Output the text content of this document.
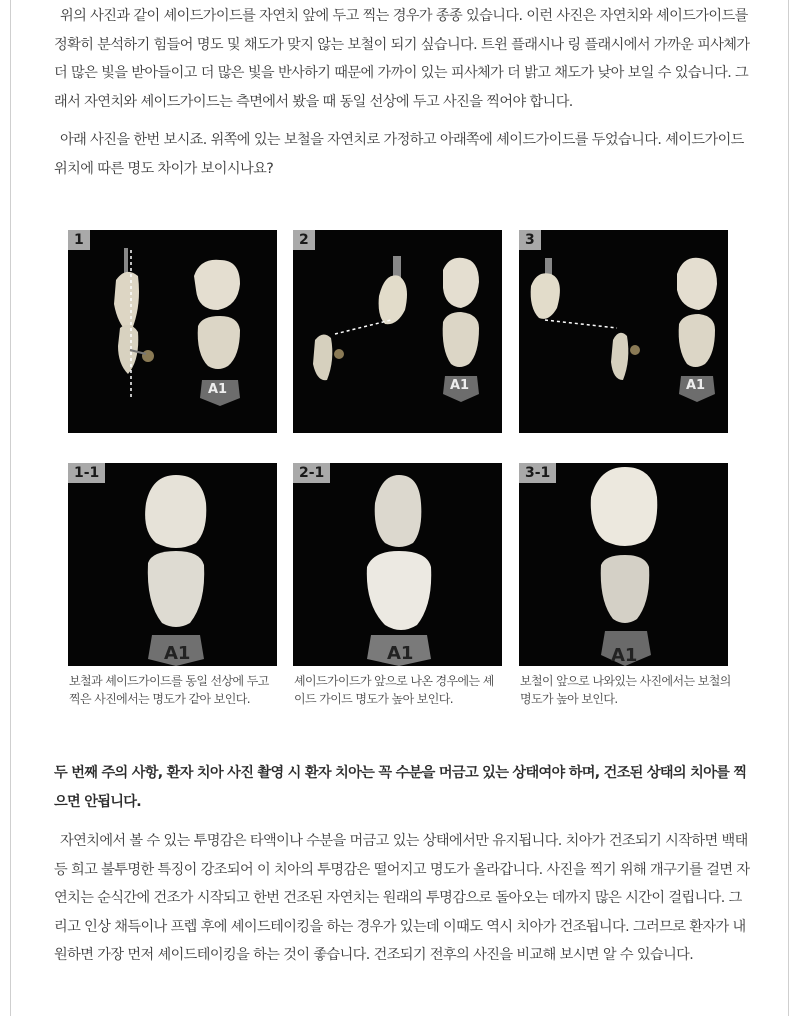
위의 사진과 같이 셰이드가이드를 자연치 앞에 두고 찍는 경우가 종종 있습니다. 이런 사진은 자연치와 셰이드가이드를 정확히 분석하기 힘들어 명도 및 채도가 맞지 않는 보철이 되기 싶습니다. 트윈 플래시나 링 플래시에서 가까운 피사체가 더 많은 빛을 받아들이고 더 많은 빛을 반사하기 때문에 가까이 있는 피사체가 더 밝고 채도가 낮아 보일 수 있습니다. 그래서 자연치와 셰이드가이드는 측면에서 봤을 때 동일 선상에 두고 사진을 찍어야 합니다.

아래 사진을 한번 보시죠. 위쪽에 있는 보철을 자연치로 가정하고 아래쪽에 셰이드가이드를 두었습니다. 셰이드가이드 위치에 따른 명도 차이가 보이시나요?

1
A1
2
A1
3
A1
1-1
A1
2-1
A1
3-1
A1

보철과 셰이드가이드를 동일 선상에 두고 찍은 사진에서는 명도가 같아 보인다.

셰이드가이드가 앞으로 나온 경우에는 셰이드 가이드 명도가 높아 보인다.

보철이 앞으로 나와있는 사진에서는 보철의 명도가 높아 보인다.

두 번째 주의 사항, 환자 치아 사진 촬영 시 환자 치아는 꼭 수분을 머금고 있는 상태여야 하며, 건조된 상태의 치아를 찍으면 안됩니다.

자연치에서 볼 수 있는 투명감은 타액이나 수분을 머금고 있는 상태에서만 유지됩니다. 치아가 건조되기 시작하면 백태 등 희고 불투명한 특징이 강조되어 이 치아의 투명감은 떨어지고 명도가 올라갑니다. 사진을 찍기 위해 개구기를 걸면 자연치는 순식간에 건조가 시작되고 한번 건조된 자연치는 원래의 투명감으로 돌아오는 데까지 많은 시간이 걸립니다. 그리고 인상 채득이나 프렙 후에 셰이드테이킹을 하는 경우가 있는데 이때도 역시 치아가 건조됩니다. 그러므로 환자가 내원하면 가장 먼저 셰이드테이킹을 하는 것이 좋습니다. 건조되기 전후의 사진을 비교해 보시면 알 수 있습니다.
